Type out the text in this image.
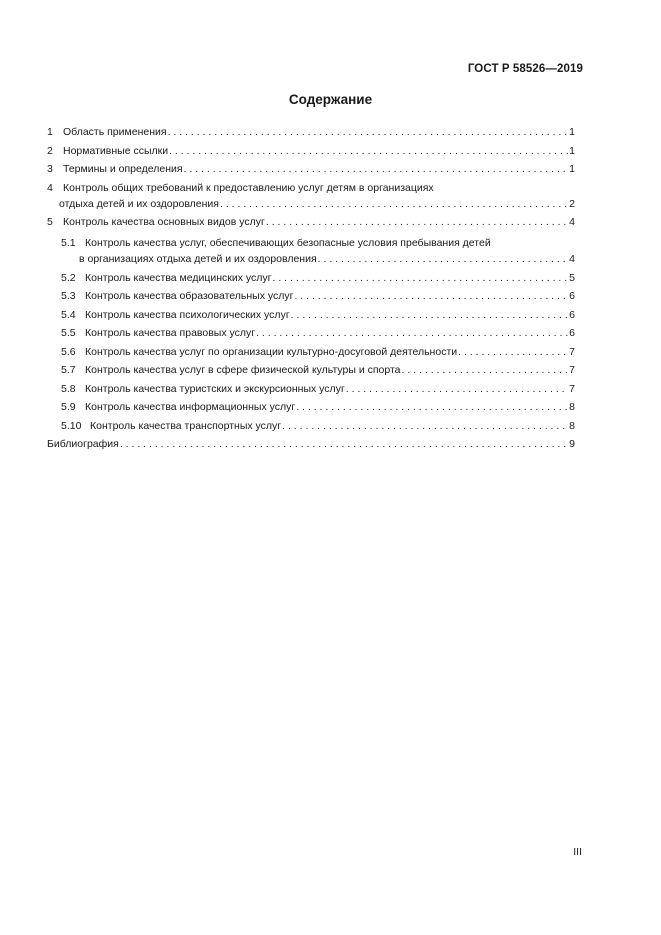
ГОСТ Р 58526—2019
Содержание
1 Область применения . . .	1
2 Нормативные ссылки . . .	1
3 Термины и определения . . .	1
4 Контроль общих требований к предоставлению услуг детям в организациях
отдыха детей и их оздоровления . . .	2
5 Контроль качества основных видов услуг . . .	4
5.1 Контроль качества услуг, обеспечивающих безопасные условия пребывания детей
в организациях отдыха детей и их оздоровления . . .	4
5.2 Контроль качества медицинских услуг . . .	5
5.3 Контроль качества образовательных услуг . . .	6
5.4 Контроль качества психологических услуг . . .	6
5.5 Контроль качества правовых услуг . . .	6
5.6 Контроль качества услуг по организации культурно-досуговой деятельности . . .	7
5.7 Контроль качества услуг в сфере физической культуры и спорта . . .	7
5.8 Контроль качества туристских и экскурсионных услуг . . .	7
5.9 Контроль качества информационных услуг . . .	8
5.10 Контроль качества транспортных услуг . . .	8
Библиография . . .	9
III
